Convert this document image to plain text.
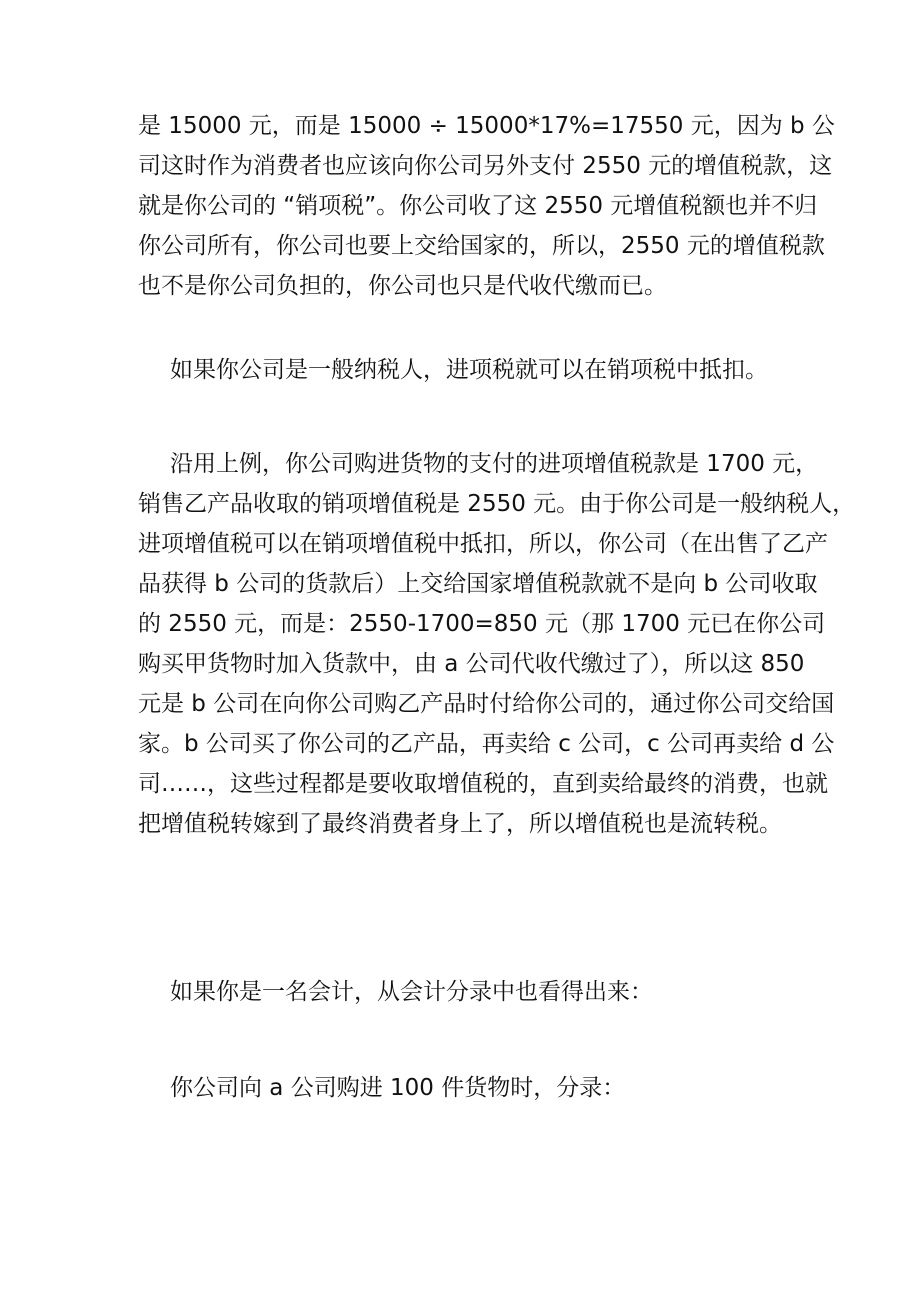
是 15000 元，而是 15000 ÷ 15000*17%=17550 元，因为 b 公
司这时作为消费者也应该向你公司另外支付 2550 元的增值税款，这
就是你公司的 “销项税”。你公司收了这 2550 元增值税额也并不归
你公司所有，你公司也要上交给国家的，所以，2550 元的增值税款
也不是你公司负担的，你公司也只是代收代缴而已。
如果你公司是一般纳税人，进项税就可以在销项税中抵扣。
沿用上例，你公司购进货物的支付的进项增值税款是 1700 元，
销售乙产品收取的销项增值税是 2550 元。由于你公司是一般纳税人，
进项增值税可以在销项增值税中抵扣，所以，你公司（在出售了乙产
品获得 b 公司的货款后）上交给国家增值税款就不是向 b 公司收取
的 2550 元，而是：2550-1700=850 元（那 1700 元已在你公司
购买甲货物时加入货款中，由 a 公司代收代缴过了），所以这 850
元是 b 公司在向你公司购乙产品时付给你公司的，通过你公司交给国
家。b 公司买了你公司的乙产品，再卖给 c 公司，c 公司再卖给 d 公
司……，这些过程都是要收取增值税的，直到卖给最终的消费，也就
把增值税转嫁到了最终消费者身上了，所以增值税也是流转税。
如果你是一名会计，从会计分录中也看得出来：
你公司向 a 公司购进 100 件货物时，分录：
